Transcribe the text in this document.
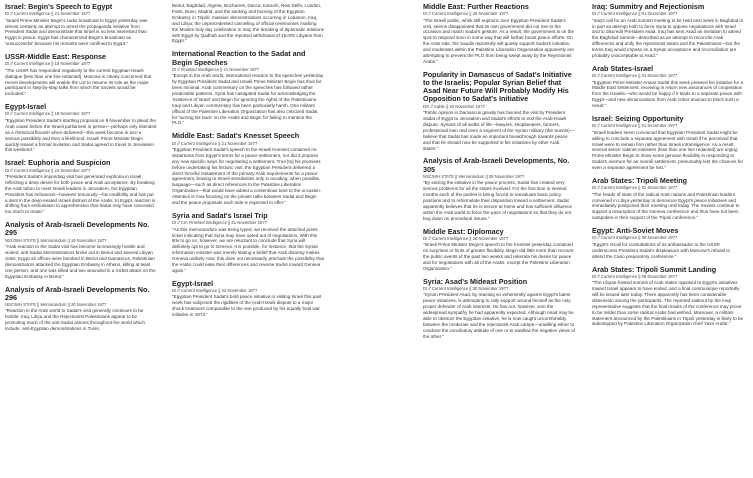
Israel: Begin's Speech to Egypt
DI // Current Intelligence || 21 November 1977

"Israeli Prime Minister Begin's radio broadcast to Egypt yesterday was almost certainly an attempt to arrest the propaganda initiative from President Sadat and demonstrate that Israel is no less interested than Egypt in peace. Egypt has characterized Begin's broadcast as 'unsuccessful' because his remarks were confined to Egypt."

USSR-Middle East: Response
DI // Current Intelligence || 18 November 1977

"The USSR has responded negatively to the current Egyptian-Israeli dialogue [less than one line redacted]. Moscow is clearly concerned that recent developments will enable the US to resume its role as the major participant in step-by-step talks from which the Soviets would be excluded."

Egypt-Israel
DI // Current Intelligence || 18 November 1977

"Egyptian President Sadat's startling proposal on 9 November to plead the Arab cause before the Israeli parliament in person—perhaps only intended as a rhetorical flourish when delivered—this week became in turn a serious possibility and then a likelihood. Israeli Prime Minister Begin quickly issued a formal invitation and Sadat agreed to travel to Jerusalem this weekend."

Israel: Euphoria and Suspicion
DI // Current Intelligence || 23 November 1977

"President Sadat's impending visit has generated euphoria in Israel, reflecting a deep desire for both peace and Arab acceptance. By breaking the Arab taboo to meet Israeli leaders in Jerusalem, the Egyptian President has enhanced—however tenuously—his credibility and has put a dent in the deep-seated Israeli distrust of the Arabs. In Egypt, reaction is shifting from enthusiasm to apprehension that Sadat may have conceded too much to Israel."

Analysis of Arab-Israeli Developments No. 295
NSC/WH STATE || Memorandum || 19 November 1977

"Arab reaction to the Sadat visit has become increasingly hostile and violent: anti-Sadat demonstrations broke out in Beirut and several Libyan cities; Egypt air offices were bombed in Beirut and Damascus; Palestinian demonstrators attacked the Egyptian Embassy in Athens, killing at least one person; and one was killed and two wounded in a rocket attack on the Egyptian Embassy in Beirut."

Analysis of Arab-Israeli Developments No. 296
NSC/WH STATE || Memorandum || 20 November 1977

"Reaction in the Arab world to Sadat's visit generally continues to be hostile. Iraq, Libya and the Rejectionist Palestinians appear to be promoting much of the anti-Sadat actions throughout the world which include: anti-Egyptian demonstrations in Tunis,

Beirut, Baghdad, Algeria, Bucharest, Dacca, Karachi, New Delhi, London, Paris, Bonn, Madrid, and the sacking and burning of the Egyptian Embassy in Tripoli; massive demonstrations occurring in Lebanon, Iraq, and Libya; the unprecedented cancelling of official ceremonies marking the Muslim holy day celebration in Iraq; the breaking of diplomatic relations with Egypt by Qadhafi and the reported withdrawal of 15,000 Libyans from Egypt."

International Reaction to the Sadat and Begin Speeches
DI // Finished Intelligence || 21 November 1977

"Except in the Arab world, international reaction to the speeches yesterday by Egyptian President Sadat and Israeli Prime Minister Begin has thus far been minimal. Arab commentary on the speeches has followed rather predictable patterns. Syria has castigated Sadat for acknowledging the 'existence of Israel' and Begin for ignoring the rights of the Palestinians. Iraqi and Libyan commentary has been particularly harsh. One militant official of the Palestine Liberation Organization has also criticized Sadat for 'turning his back' on the Arabs and Begin for failing to mention the PLO."

Middle East: Sadat's Knesset Speech
DI // Current Intelligence || 21 November 1977

"Egyptian President Sadat's speech to the Israeli Knesset contained no departures from Egypt's terms for a peace settlement, nor did it propose any new specific ways for negotiating a settlement. True [to] his promises before undertaking his historic visit, the Egyptian President delivered a direct forceful restatement of the primary Arab requirements for a peace agreement, bowing to Israeli sensitivities only in avoiding, when possible, language—such as direct references to the Palestine Liberation Organization—that would have added a contentious tone to the occasion. Attention is now focusing on the private talks between Sadat and Begin and the peace proposals each side is expected to offer."

Syria and Sadat's Israel Trip
DI // CIA Finished Intelligence || 21 November 1977

"As this memorandum was being typed, we received the attached press ticker indicating that Syria may have opted out of negotiations. With this title to go on, however, we are reluctant to conclude that Syria will definitely opt to go to Geneva. It is possible, for instance, that the Syrian information minister was merely stating a belief that Arab disarray makes Geneva unlikely now; this does not necessarily preclude the possibility that the Arabs could ease their differences and reverse tracks toward Geneva again."

Egypt-Israel
DI // Current Intelligence || 22 November 1977

"Egyptian President Sadat's bold peace initiative in visiting Israel this past week has subjected the rigidities of the Arab-Israeli dispute to a major shock treatment comparable to the one produced by his equally bold war initiative in 1973."

Middle East: Further Reactions
DI // Current Intelligence || 25 November 1977

"The Israeli public, while still euphoric over Egyptian President Sadat's visit, seems disappointed that its own government did not rise to the occasion and match Sadat's gesture. As a result, the government is on the spot to respond soon in some way that will further boost peace efforts. On the Arab side, the Saudis reportedly will quietly support Sadat's initiative, and moderates within the Palestine Liberation Organization apparently are attempting to prevent the PLO from being swept away by the Rejectionist Arabs."

Popularity in Damascus of Sadat's Initiative to the Israelis; Popular Syrian Belief that Asad Near Future Will Probably Modify His Opposition to Sadat's Initiative
DO // Cable || 26 November 1977

"Public opinion in Damascus greatly has favored the visit by President Sadat of Egypt to Jerusalem and Sadat's efforts to end the Arab-Israeli dispute. Syrians of all walks of life—lawyers, shopkeepers, farmers, professional men and even a segment of the Syrian military (the Sunnis)—believe that Sadat has made an important breakthrough towards peace and that he should now be supported in his initiatives by other Arab states."

Analysis of Arab-Israeli Developments, No. 305
NSC/WH STATE || Memorandum || 29 November 1977

"By seizing the initiative in the peace process, Sadat has created very serious problems for all the states involved. For the first time in several months each of the parties is being forced to reevaluate basic policy positions and to reformulate their disposition toward a settlement. Sadat apparently believes that he is secure at home and has sufficient influence within the Arab world to force the pace of negotiations so that they do not bog down on procedural issues."

Middle East: Diplomacy
DI // Current Intelligence || 28 November 1977

"Israeli Prime Minister Begin's speech to the Knesset yesterday contained no surprises or hints of greater flexibility. Begin did little more than recount the public events of the past two weeks and reiterate his desire for peace and for negotiations with all of the Arabs, except the Palestine Liberation Organization."

Syria: Asad's Mideast Position
DI // Current Intelligence || 30 November 1977

"Syrian President Asad, by reacting so vehemently against Egypt's latest peace initiatives, is attempting to rally support around himself as the only proper defender of Arab interests. He has not, however, won the widespread sympathy he had apparently expected. Although Asad may be able to obstruct the Egyptian initiative, he is now caught uncomfortably between the moderate and the rejectionist Arab camps—unwilling either to condone the conciliatory attitude of one or to swallow the negative views of the other."

Iraq: Summitry and Rejectionism
DI // Current Intelligence || 01 December 1977

"Iraq's call for an Arab summit meeting to be held next week in Baghdad is in part an attempt both to force Syria to oppose negotiations with Israel and to discredit President Asad. Iraq has sent Asad an invitation to attend the Baghdad summit—described as an attempt to reconcile Arab differences and unify the rejectionist states and the Palestinians—but the terms Iraq would impose on a Syrian acceptance and reconciliation are probably unacceptable to Asad."

Arab States-Israel
DI // Current Intelligence || 01 December 1977

"Egyptian Prime Minister Anwar Sadat this week pressed his initiative for a Middle East settlement, receiving in return new assurances of cooperation from the Israelis—who would be happy if it leads to a separate peace with Egypt—and new denunciations from Arab critics anxious to block such a result."

Israel: Seizing Opportunity
DI // Current Intelligence || 01 December 1977

"Israeli leaders seem convinced that Egyptian President Sadat might be willing to conclude a separate agreement with Israel if he perceived that Israel were to remain firm rather than Israeli intransigence. As a result, several senior cabinet ministers (less than one line redacted) are urging Prime Minister Begin to show some genuine flexibility in responding to Sadat's overture for an overall settlement, presumably lest the chances for even a separate agreement be lost."

Arab States: Tripoli Meeting
DI // Current Intelligence || 02 December 1977

"The heads of state of the radical Arab nations and Palestinian leaders convened in Libya yesterday to denounce Egypt's peace initiatives and immediately postponed their meeting until today. The Soviets continue to support a resumption of the Geneva conference and thus have not been outspoken in their support of the Tripoli conference."

Egypt: Anti-Soviet Moves
DI // Current Intelligence || 05 December 1977

"Egypt's recall for consultations of its ambassador to the USSR underscores President Sadat's displeasure with Moscow's refusal to attend the Cairo preparatory conference."

Arab States: Tripoli Summit Landing
DI // Current Intelligence || 06 December 1977

"The Libyan-hosted summit of Arab states opposed to Egypt's initiatives toward Israel appears to have ended, and a final communique reportedly will be issued later today. There apparently has been considerable dissension among the participants. The reported walkout by the Iraqi representative suggests that the final results of the conference may prove to be milder than some radical Arabs had wished. Moreover, a militant statement announced by the Palestinians in Tripoli yesterday is likely to be sidestepped by Palestine Liberation Organization chief Yasir Arafat."
